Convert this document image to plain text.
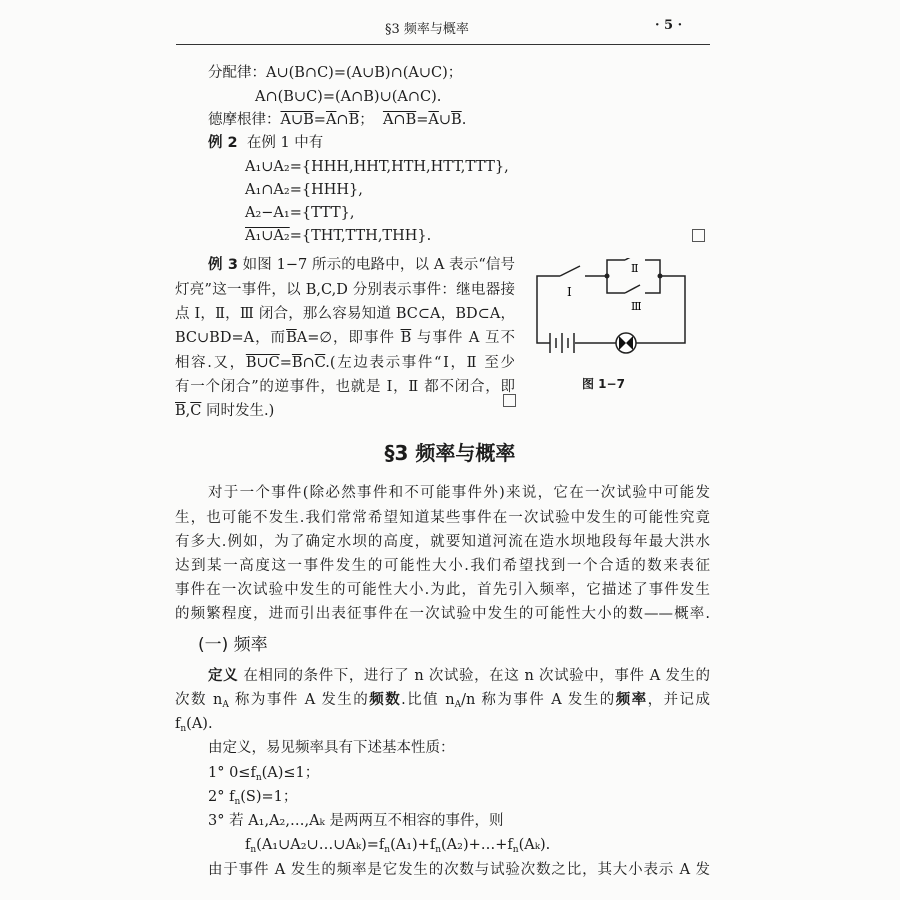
§3 频率与概率	· 5 ·
分配律：A∪(B∩C)=(A∪B)∩(A∪C)；
A∩(B∪C)=(A∩B)∪(A∩C).
德摩根律：$A\cup B=\overline{A}\cap\overline{B}$；  $A\cap B=\overline{A}\cup\overline{B}$.
例 2  在例 1 中有
A₁∪A₂={HHH,HHT,HTH,HTT,TTT},
A₁∩A₂={HHH},
A₂−A₁={TTT},
A₁∪A₂={THT,TTH,THH}.
例 3 如图 1−7 所示的电路中，以 A 表示“信号
灯亮”这一事件，以 B,C,D 分别表示事件：继电器接
点 Ⅰ，Ⅱ，Ⅲ 闭合，那么容易知道 BC⊂A，BD⊂A，
BC∪BD=A，而$\overline{B}A=\emptyset$，即事件 $\overline{B}$ 与事件 A 互不
相容.又，$B\cup C=\overline{B}\cap\overline{C}$.(左边表示事件“Ⅰ，Ⅱ 至少
有一个闭合”的逆事件，也就是 Ⅰ，Ⅱ 都不闭合，即
$\overline{B},\overline{C}$ 同时发生.)
Ⅰ
Ⅱ
Ⅲ
图 1−7
§3 频率与概率
对于一个事件(除必然事件和不可能事件外)来说，它在一次试验中可能发
生，也可能不发生.我们常常希望知道某些事件在一次试验中发生的可能性究竟
有多大.例如，为了确定水坝的高度，就要知道河流在造水坝地段每年最大洪水
达到某一高度这一事件发生的可能性大小.我们希望找到一个合适的数来表征
事件在一次试验中发生的可能性大小.为此，首先引入频率，它描述了事件发生
的频繁程度，进而引出表征事件在一次试验中发生的可能性大小的数——概率.
(一) 频率
定义 在相同的条件下，进行了 n 次试验，在这 n 次试验中，事件 A 发生的
次数 $n_A$ 称为事件 A 发生的频数.比值 $n_A/n$ 称为事件 A 发生的频率，并记成
$f_n(A)$.
由定义，易见频率具有下述基本性质：
1° $0\le f_n(A)\le 1$；
2° $f_n(S)=1$；
3° 若 A₁,A₂,…,Aₖ 是两两互不相容的事件，则
$f_n(A_1\cup A_2\cup\dots\cup A_k)=f_n(A_1)+f_n(A_2)+\dots+f_n(A_k)$.
由于事件 A 发生的频率是它发生的次数与试验次数之比，其大小表示 A 发
